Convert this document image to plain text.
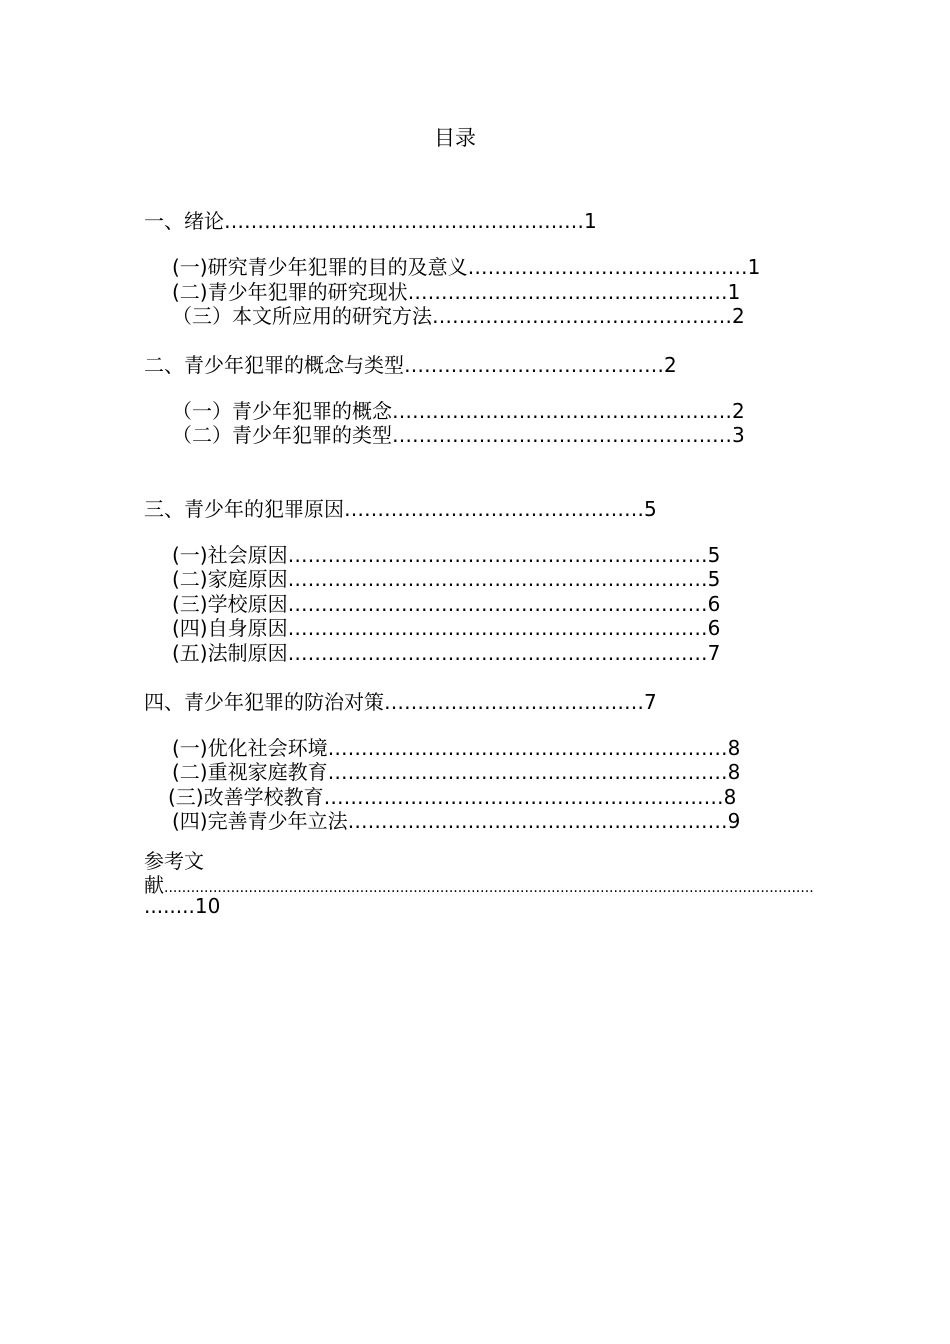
目录
一、绪论………………………………………………1
(一)研究青少年犯罪的目的及意义……………………………………1
(二)青少年犯罪的研究现状…………………………………………1
（三）本文所应用的研究方法………………………………………2
二、青少年犯罪的概念与类型…………………………………2
（一）青少年犯罪的概念……………………………………………2
（二）青少年犯罪的类型……………………………………………3
三、青少年的犯罪原因………………………………………5
(一)社会原因………………………………………………………5
(二)家庭原因………………………………………………………5
(三)学校原因………………………………………………………6
(四)自身原因………………………………………………………6
(五)法制原因………………………………………………………7
四、青少年犯罪的防治对策…………………………………7
(一)优化社会环境……………………………………………………8
(二)重视家庭教育……………………………………………………8
(三)改善学校教育……………………………………………………8
(四)完善青少年立法…………………………………………………9
参考文
献..................................................................................................................................................
........10
